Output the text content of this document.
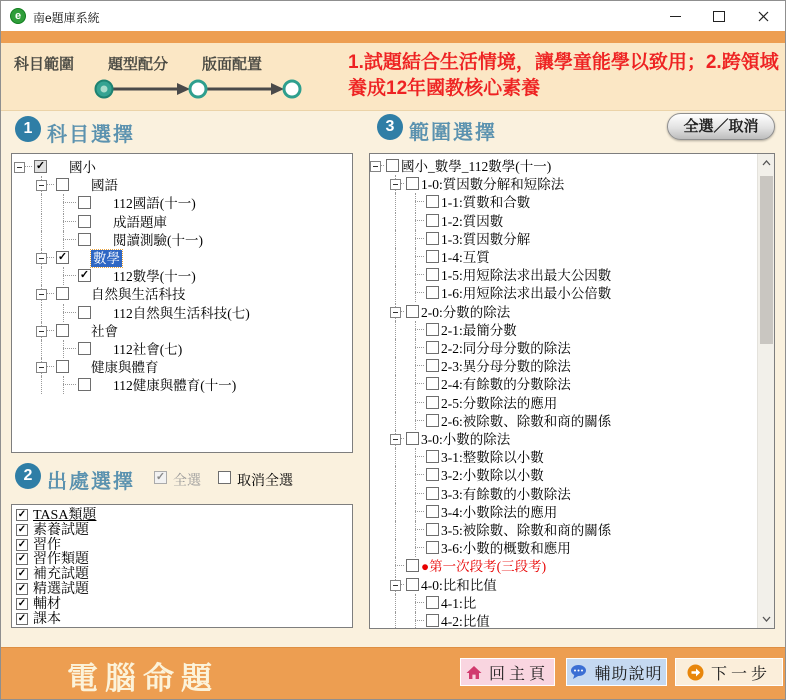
e 南e題庫系統
科目範圍 題型配分 版面配置	1.試題結合生活情境，讓學童能學以致用；2.跨領域
養成12年國教核心素養
1 科目選擇
✓
國小
國語
112國語(十一)
成語題庫
閱讀測驗(十一)
✓
數學
✓
112數學(十一)
自然與生活科技
112自然與生活科技(七)
社會
112社會(七)
健康與體育
112健康與體育(十一)
2 出處選擇 ✓	全選	取消全選
✓
TASA類題
✓
素養試題
✓
習作
✓
習作類題
✓
補充試題
✓
精選試題
✓
輔材
✓
課本
3 範圍選擇	全選／取消
國小_數學_112數學(十一)
1-0:質因數分解和短除法
1-1:質數和合數
1-2:質因數
1-3:質因數分解
1-4:互質
1-5:用短除法求出最大公因數
1-6:用短除法求出最小公倍數
2-0:分數的除法
2-1:最簡分數
2-2:同分母分數的除法
2-3:異分母分數的除法
2-4:有餘數的分數除法
2-5:分數除法的應用
2-6:被除數、除數和商的關係
3-0:小數的除法
3-1:整數除以小數
3-2:小數除以小數
3-3:有餘數的小數除法
3-4:小數除法的應用
3-5:被除數、除數和商的關係
3-6:小數的概數和應用
●第一次段考(三段考)
4-0:比和比值
4-1:比
4-2:比值
電腦命題	回主頁	輔助說明	下一步
